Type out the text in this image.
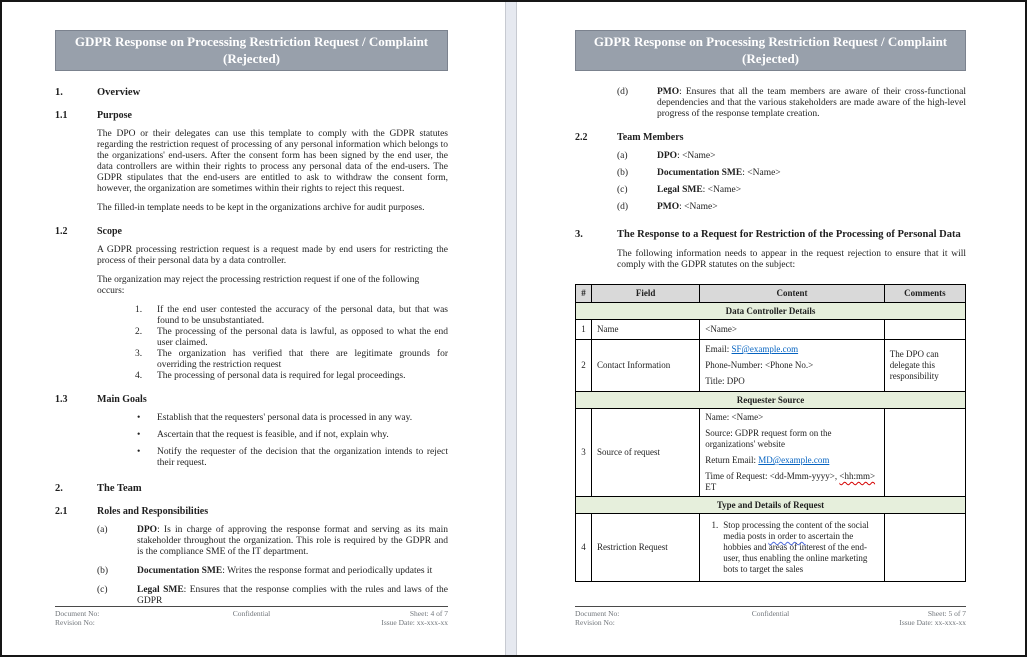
GDPR Response on Processing Restriction Request / Complaint (Rejected)
1.	Overview
1.1	Purpose

The DPO or their delegates can use this template to comply with the GDPR statutes regarding the restriction request of processing of any personal information which belongs to the organizations' end-users. After the consent form has been signed by the end user, the data controllers are within their rights to process any personal data of the end-users. The GDPR stipulates that the end-users are entitled to ask to withdraw the consent form, however, the organization are sometimes within their rights to reject this request.

The filled-in template needs to be kept in the organizations archive for audit purposes.

1.2	Scope

A GDPR processing restriction request is a request made by end users for restricting the process of their personal data by a data controller.

The organization may reject the processing restriction request if one of the following occurs:

1.	If the end user contested the accuracy of the personal data, but that was found to be unsubstantiated.
2.	The processing of the personal data is lawful, as opposed to what the end user claimed.
3.	The organization has verified that there are legitimate grounds for overriding the restriction request
4.	The processing of personal data is required for legal proceedings.
1.3	Main Goals
•
Establish that the requesters' personal data is processed in any way.
•
Ascertain that the request is feasible, and if not, explain why.
•
Notify the requester of the decision that the organization intends to reject their request.
2.	The Team
2.1	Roles and Responsibilities
(a)	DPO: Is in charge of approving the response format and serving as its main stakeholder throughout the organization. This role is required by the GDPR and is the compliance SME of the IT department.
(b)	Documentation SME: Writes the response format and periodically updates it
(c)	Legal SME: Ensures that the response complies with the rules and laws of the GDPR
Document No:	Confidential	Sheet: 4 of 7
Revision No:	Issue Date: xx-xxx-xx
GDPR Response on Processing Restriction Request / Complaint (Rejected)
(d)	PMO: Ensures that all the team members are aware of their cross-functional dependencies and that the various stakeholders are made aware of the high-level progress of the response template creation.
2.2	Team Members
(a)	DPO: <Name>
(b)	Documentation SME: <Name>
(c)	Legal SME: <Name>
(d)	PMO: <Name>
3.	The Response to a Request for Restriction of the Processing of Personal Data

The following information needs to appear in the request rejection to ensure that it will comply with the GDPR statutes on the subject:

#	Field	Content	Comments
Data Controller Details			
1	Name	<Name>	
2	Contact Information	Email: SF@example.com
Phone-Number: <Phone No.>
Title: DPO	The DPO can delegate this responsibility
Requester Source			
3	Source of request	Name: <Name>
Source: GDPR request form on the organizations' website
Return Email: MD@example.com
Time of Request: <dd-Mmm-yyyy>, <hh:mm> ET	

Type and Details of Request			
4	Restriction Request	1. Stop processing the content of the social media posts in order to ascertain the hobbies and areas of interest of the end-user, thus enabling the online marketing bots to target the sales	

Document No:	Confidential	Sheet: 5 of 7
Revision No:	Issue Date: xx-xxx-xx
